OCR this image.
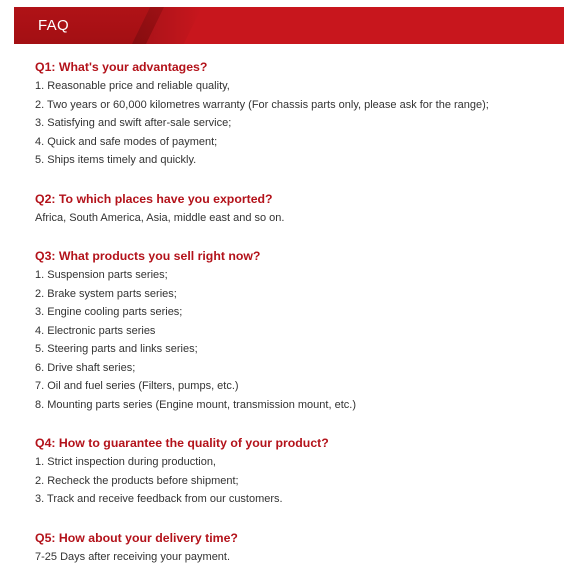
FAQ
Q1: What's your advantages?
1. Reasonable price and reliable quality,
2. Two years or 60,000 kilometres warranty (For chassis parts only, please ask for the range);
3. Satisfying and swift after-sale service;
4. Quick and safe modes of payment;
5. Ships items timely and quickly.
Q2: To which places have you exported?
Africa, South America, Asia, middle east and so on.
Q3: What products you sell right now?
1. Suspension parts series;
2. Brake system parts series;
3. Engine cooling parts series;
4. Electronic parts series
5. Steering parts and links series;
6. Drive shaft series;
7. Oil and fuel series (Filters, pumps, etc.)
8. Mounting parts series (Engine mount, transmission mount, etc.)
Q4: How to guarantee the quality of your product?
1. Strict inspection during production,
2. Recheck the products before shipment;
3. Track and receive feedback from our customers.
Q5: How about your delivery time?
7-25 Days after receiving your payment.
